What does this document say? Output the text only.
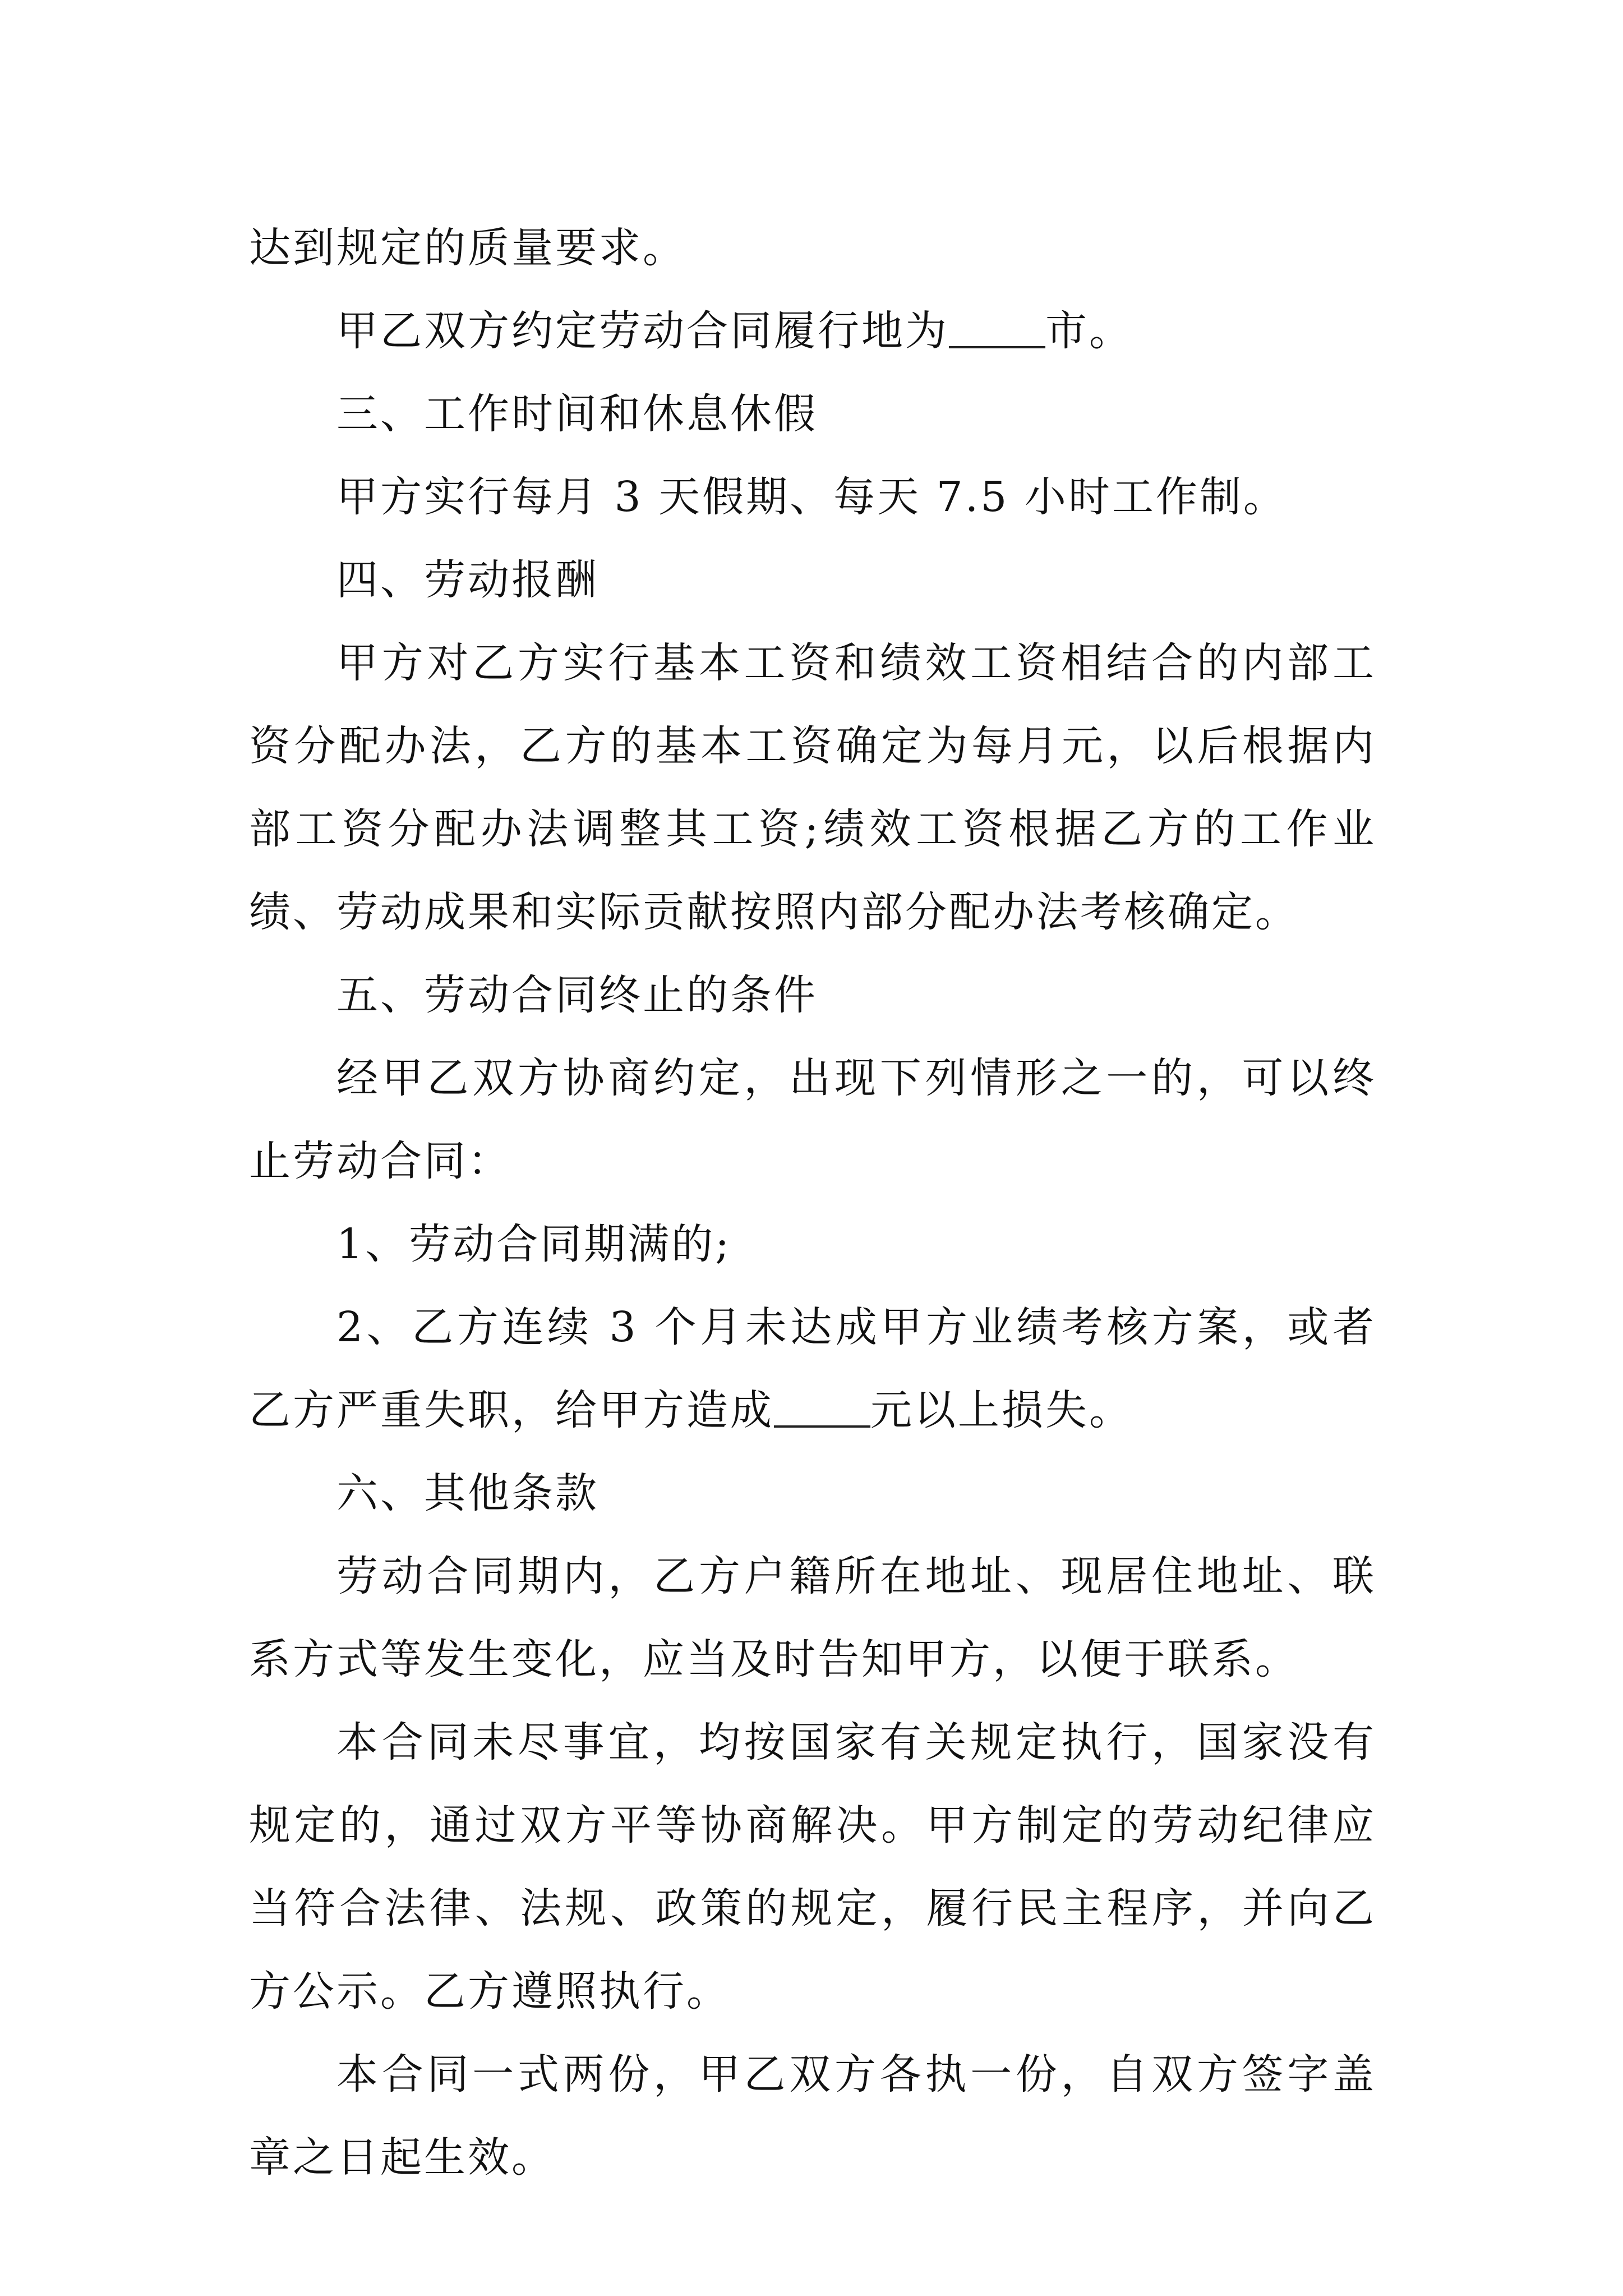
达到规定的质量要求。

甲乙双方约定劳动合同履行地为 市。

三、工作时间和休息休假

甲方实行每月 3 天假期、每天 7.5 小时工作制。

四、劳动报酬

甲方对乙方实行基本工资和绩效工资相结合的内部工资分配办法，乙方的基本工资确定为每月元，以后根据内部工资分配办法调整其工资;绩效工资根据乙方的工作业绩、劳动成果和实际贡献按照内部分配办法考核确定。

五、劳动合同终止的条件

经甲乙双方协商约定，出现下列情形之一的，可以终止劳动合同：

1、劳动合同期满的;

2、乙方连续 3 个月未达成甲方业绩考核方案，或者乙方严重失职，给甲方造成 元以上损失。

六、其他条款

劳动合同期内，乙方户籍所在地址、现居住地址、联系方式等发生变化，应当及时告知甲方，以便于联系。

本合同未尽事宜，均按国家有关规定执行，国家没有规定的，通过双方平等协商解决。甲方制定的劳动纪律应当符合法律、法规、政策的规定，履行民主程序，并向乙方公示。乙方遵照执行。

本合同一式两份，甲乙双方各执一份，自双方签字盖章之日起生效。
